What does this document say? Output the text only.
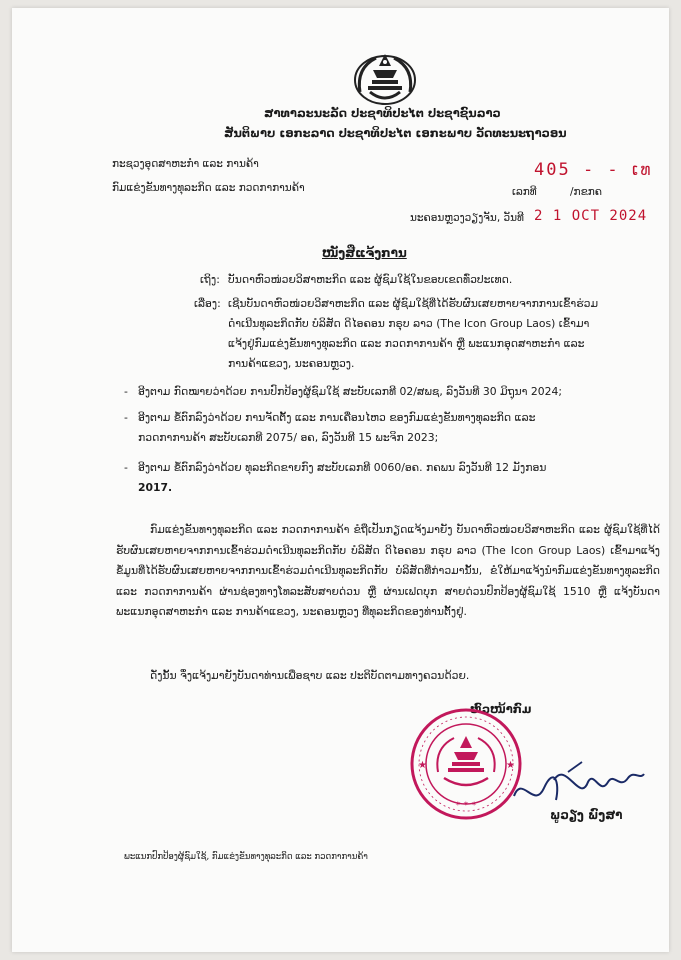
ສາທາລະນະລັດ ປະຊາທິປະໄຕ ປະຊາຊົນລາວ
ສັນຕິພາບ ເອກະລາດ ປະຊາທິປະໄຕ ເອກະພາບ ວັດທະນະຖາວອນ
ກະຊວງອຸດສາຫະກຳ ແລະ ການຄ້າ
ກົມແຂ່ງຂັນທາງທຸລະກິດ ແລະ ກວດກາການຄ້າ
405 - - ເທ
ເລກທີ	/ກຂກຄ
ນະຄອນຫຼວງວຽງຈັນ, ວັນທີ 2 1 OCT 2024
ໜັງສືແຈ້ງການ
ເຖິງ: ບັນດາຫົວໜ່ວຍວິສາຫະກິດ ແລະ ຜູ້ຊົມໃຊ້ໃນຂອບເຂດທົ່ວປະເທດ.
ເລື່ອງ: ເຊີນບັນດາຫົວໜ່ວຍວິສາຫະກິດ ແລະ ຜູ້ຊົມໃຊ້ທີ່ໄດ້ຮັບຜົນເສຍຫາຍຈາກການເຂົ້າຮ່ວມ
ດຳເນີນທຸລະກິດກັບ ບໍລິສັດ ດິໄອຄອນ ກຣຸບ ລາວ (The Icon Group Laos) ເຂົ້າມາ
ແຈ້ງຢູ່ກົມແຂ່ງຂັນທາງທຸລະກິດ ແລະ ກວດກາການຄ້າ ຫຼື ພະແນກອຸດສາຫະກຳ ແລະ
ການຄ້າແຂວງ, ນະຄອນຫຼວງ.
- ອີງຕາມ ກົດໝາຍວ່າດ້ວຍ ການປົກປ້ອງຜູ້ຊົມໃຊ້ ສະບັບເລກທີ 02/ສພຊ, ລົງວັນທີ 30 ມິຖຸນາ 2024;
- ອີງຕາມ ຂໍ້ຕົກລົງວ່າດ້ວຍ ການຈັດຕັ້ງ ແລະ ການເຄື່ອນໄຫວ ຂອງກົມແຂ່ງຂັນທາງທຸລະກິດ ແລະ
ກວດກາການຄ້າ ສະບັບເລກທີ 2075/ ອຄ, ລົງວັນທີ 15 ພະຈິກ 2023;
- ອີງຕາມ ຂໍ້ຕົກລົງວ່າດ້ວຍ ທຸລະກິດຂາຍກົງ ສະບັບເລກທີ 0060/ອຄ. ກຄພນ ລົງວັນທີ 12 ມັງກອນ
2017.
ກົມແຂ່ງຂັນທາງທຸລະກິດ ແລະ ກວດກາການຄ້າ ຂໍຖືເປັນກຽດແຈ້ງມາຍັງ ບັນດາຫົວໜ່ວຍວິສາຫະກິດ ແລະ ຜູ້ຊົມໃຊ້ທີ່ໄດ້ຮັບຜົນເສຍຫາຍຈາກການເຂົ້າຮ່ວມດຳເນີນທຸລະກິດກັບ ບໍລິສັດ ດິໄອຄອນ ກຣຸບ ລາວ (The Icon Group Laos) ເຂົ້າມາແຈ້ງຂໍ້ມູນທີ່ໄດ້ຮັບຜົນເສຍຫາຍຈາກການເຂົ້າຮ່ວມດຳເນີນທຸລະກິດກັບ ບໍລິສັດທີ່ກ່າວມານັ້ນ, ຂໍໃຫ້ມາແຈ້ງນຳກົມແຂ່ງຂັນທາງທຸລະກິດ ແລະ ກວດກາການຄ້າ ຜ່ານຊ່ອງທາງໂທລະສັບສາຍດ່ວນ ຫຼື ຜ່ານເຟດບຸກ ສາຍດ່ວນປົກປ້ອງຜູ້ຊົມໃຊ້ 1510 ຫຼື ແຈ້ງບັນດາພະແນກອຸດສາຫະກຳ ແລະ ການຄ້າແຂວງ, ນະຄອນຫຼວງ ທີ່ທຸລະກິດຂອງທ່ານຕັ້ງຢູ່.
ດັ່ງນັ້ນ ຈຶ່ງແຈ້ງມາຍັງບັນດາທ່ານເພື່ອຊາບ ແລະ ປະຕິບັດຕາມທາງຄວນດ້ວຍ.
ຫົວໜ້າກົມ
✶ ✶ ✶
★	★
ພູວຽງ ພົງສາ
ພະແນກປົກປ້ອງຜູ້ຊົມໃຊ້, ກົມແຂ່ງຂັນທາງທຸລະກິດ ແລະ ກວດກາການຄ້າ
